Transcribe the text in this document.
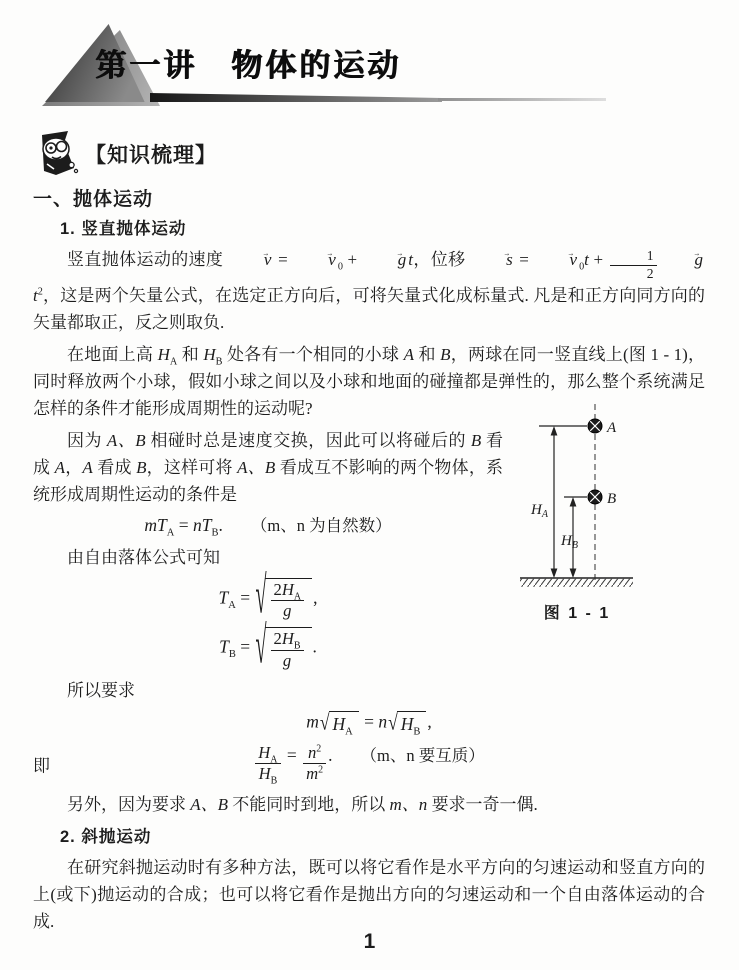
第一讲　物体的运动
【知识梳理】
一、抛体运动
1. 竖直抛体运动

竖直抛体运动的速度 → v = → v $_0$ + → g t，位移 → s = → v $_0t + \frac{1}{2} \to gt^2$，这是两个矢量公式，在选定正方向后，可将矢量式化成标量式. 凡是和正方向同方向的矢量都取正，反之则取负.

在地面上高 $H_A$ 和 $H_B$ 处各有一个相同的小球 A 和 B，两球在同一竖直线上(图 1 - 1)，同时释放两个小球，假如小球之间以及小球和地面的碰撞都是弹性的，那么整个系统满足怎样的条件才能形成周期性的运动呢?

A
B
$H_A$
$H_B$
图 1 - 1

因为 A、B 相碰时总是速度交换，因此可以将碰后的 B 看成 A，A 看成 B，这样可将 A、B 看成互不影响的两个物体，系统形成周期性运动的条件是

$mT_A = nT_B$. （m、n 为自然数）

由自由落体公式可知

$T_A$ = √ $\frac{2H_A}{g}$ ,
$T_B$ = √ $\frac{2H_B}{g}$ .

所以要求

m√ $H_A = n√$ $H_B$,
即	$\frac{H_A}{H_B} = \frac{n^2}{m^2}$ . （m、n 要互质）

另外，因为要求 A、B 不能同时到地，所以 m、n 要求一奇一偶.

2. 斜抛运动

在研究斜抛运动时有多种方法，既可以将它看作是水平方向的匀速运动和竖直方向的上(或下)抛运动的合成；也可以将它看作是抛出方向的匀速运动和一个自由落体运动的合成.

1
